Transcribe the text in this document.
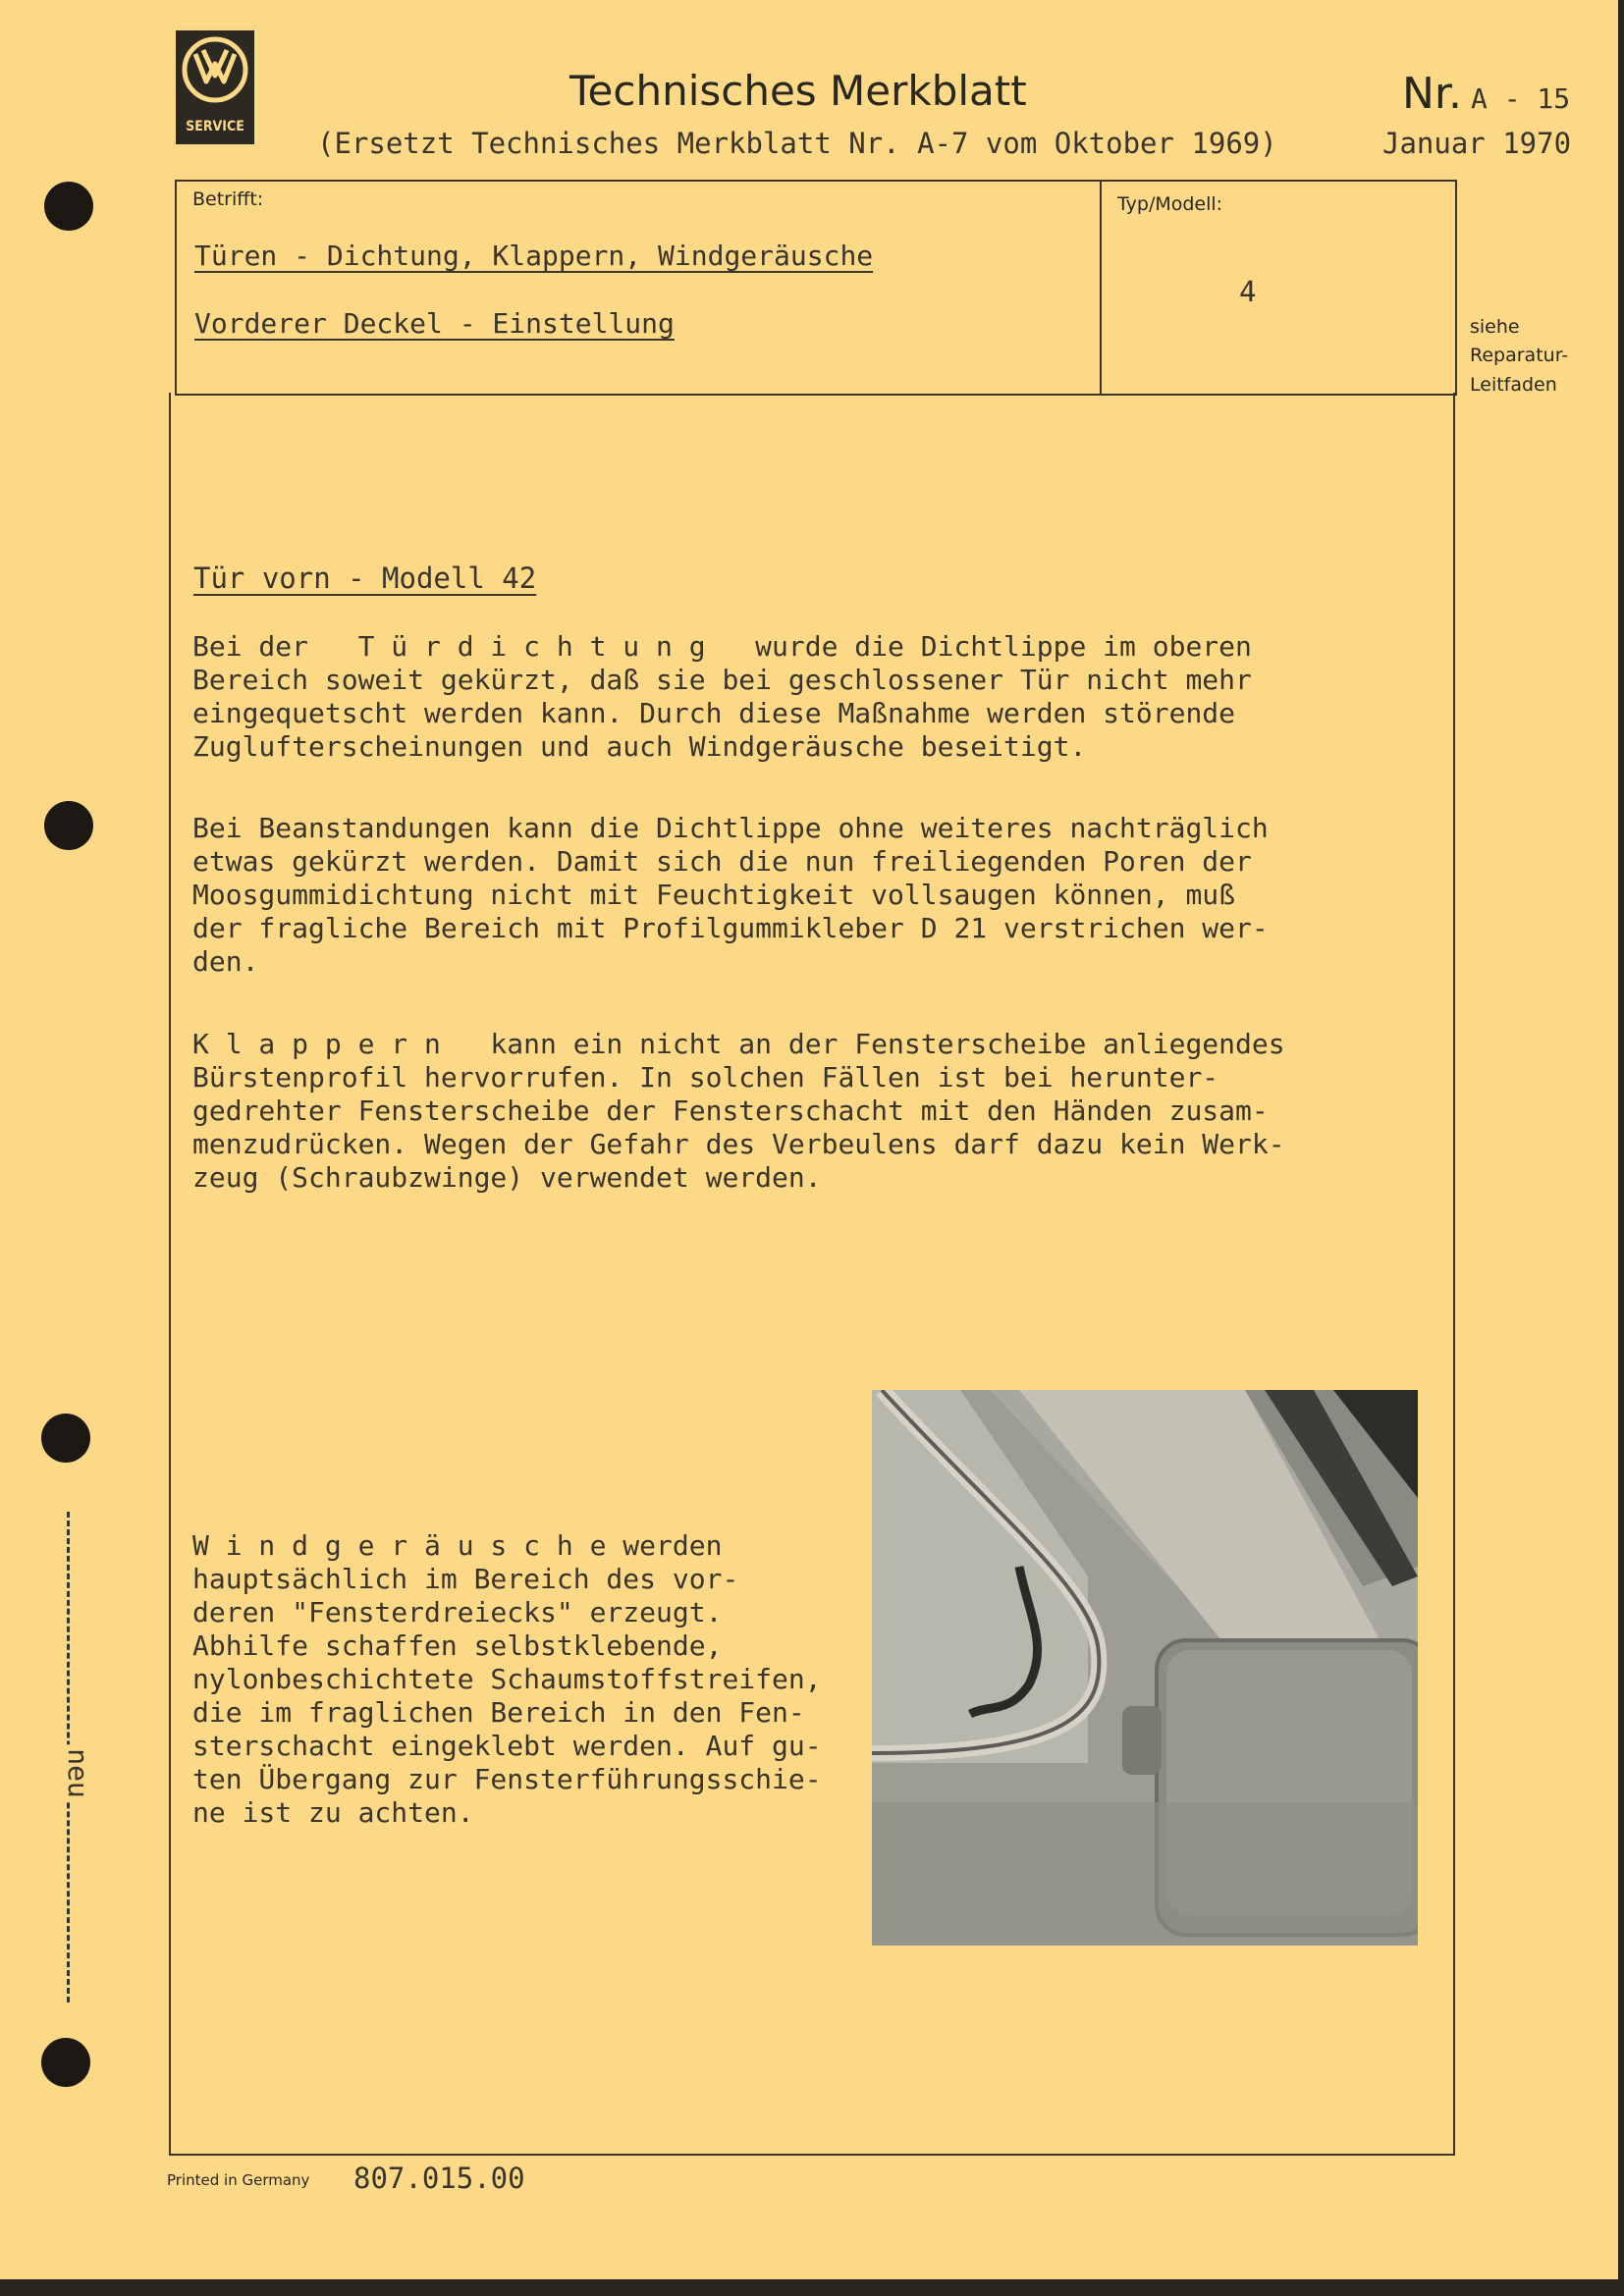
SERVICE
Technisches Merkblatt
(Ersetzt Technisches Merkblatt Nr. A-7 vom Oktober 1969)
Nr. A - 15
Januar 1970
Betrifft:
Türen - Dichtung, Klappern, Windgeräusche
Vorderer Deckel - Einstellung
Typ/Modell:
4
siehe
Reparatur-
Leitfaden
Tür vorn - Modell 42
Bei der   T ü r d i c h t u n g   wurde die Dichtlippe im oberen
Bereich soweit gekürzt, daß sie bei geschlossener Tür nicht mehr
eingequetscht werden kann. Durch diese Maßnahme werden störende
Zuglufterscheinungen und auch Windgeräusche beseitigt.
Bei Beanstandungen kann die Dichtlippe ohne weiteres nachträglich
etwas gekürzt werden. Damit sich die nun freiliegenden Poren der
Moosgummidichtung nicht mit Feuchtigkeit vollsaugen können, muß
der fragliche Bereich mit Profilgummikleber D 21 verstrichen wer-
den.
K l a p p e r n   kann ein nicht an der Fensterscheibe anliegendes
Bürstenprofil hervorrufen. In solchen Fällen ist bei herunter-
gedrehter Fensterscheibe der Fensterschacht mit den Händen zusam-
menzudrücken. Wegen der Gefahr des Verbeulens darf dazu kein Werk-
zeug (Schraubzwinge) verwendet werden.
W i n d g e r ä u s c h e werden
hauptsächlich im Bereich des vor-
deren "Fensterdreiecks" erzeugt.
Abhilfe schaffen selbstklebende,
nylonbeschichtete Schaumstoffstreifen,
die im fraglichen Bereich in den Fen-
sterschacht eingeklebt werden. Auf gu-
ten Übergang zur Fensterführungsschie-
ne ist zu achten.
neu
Printed in Germany 807.015.00
